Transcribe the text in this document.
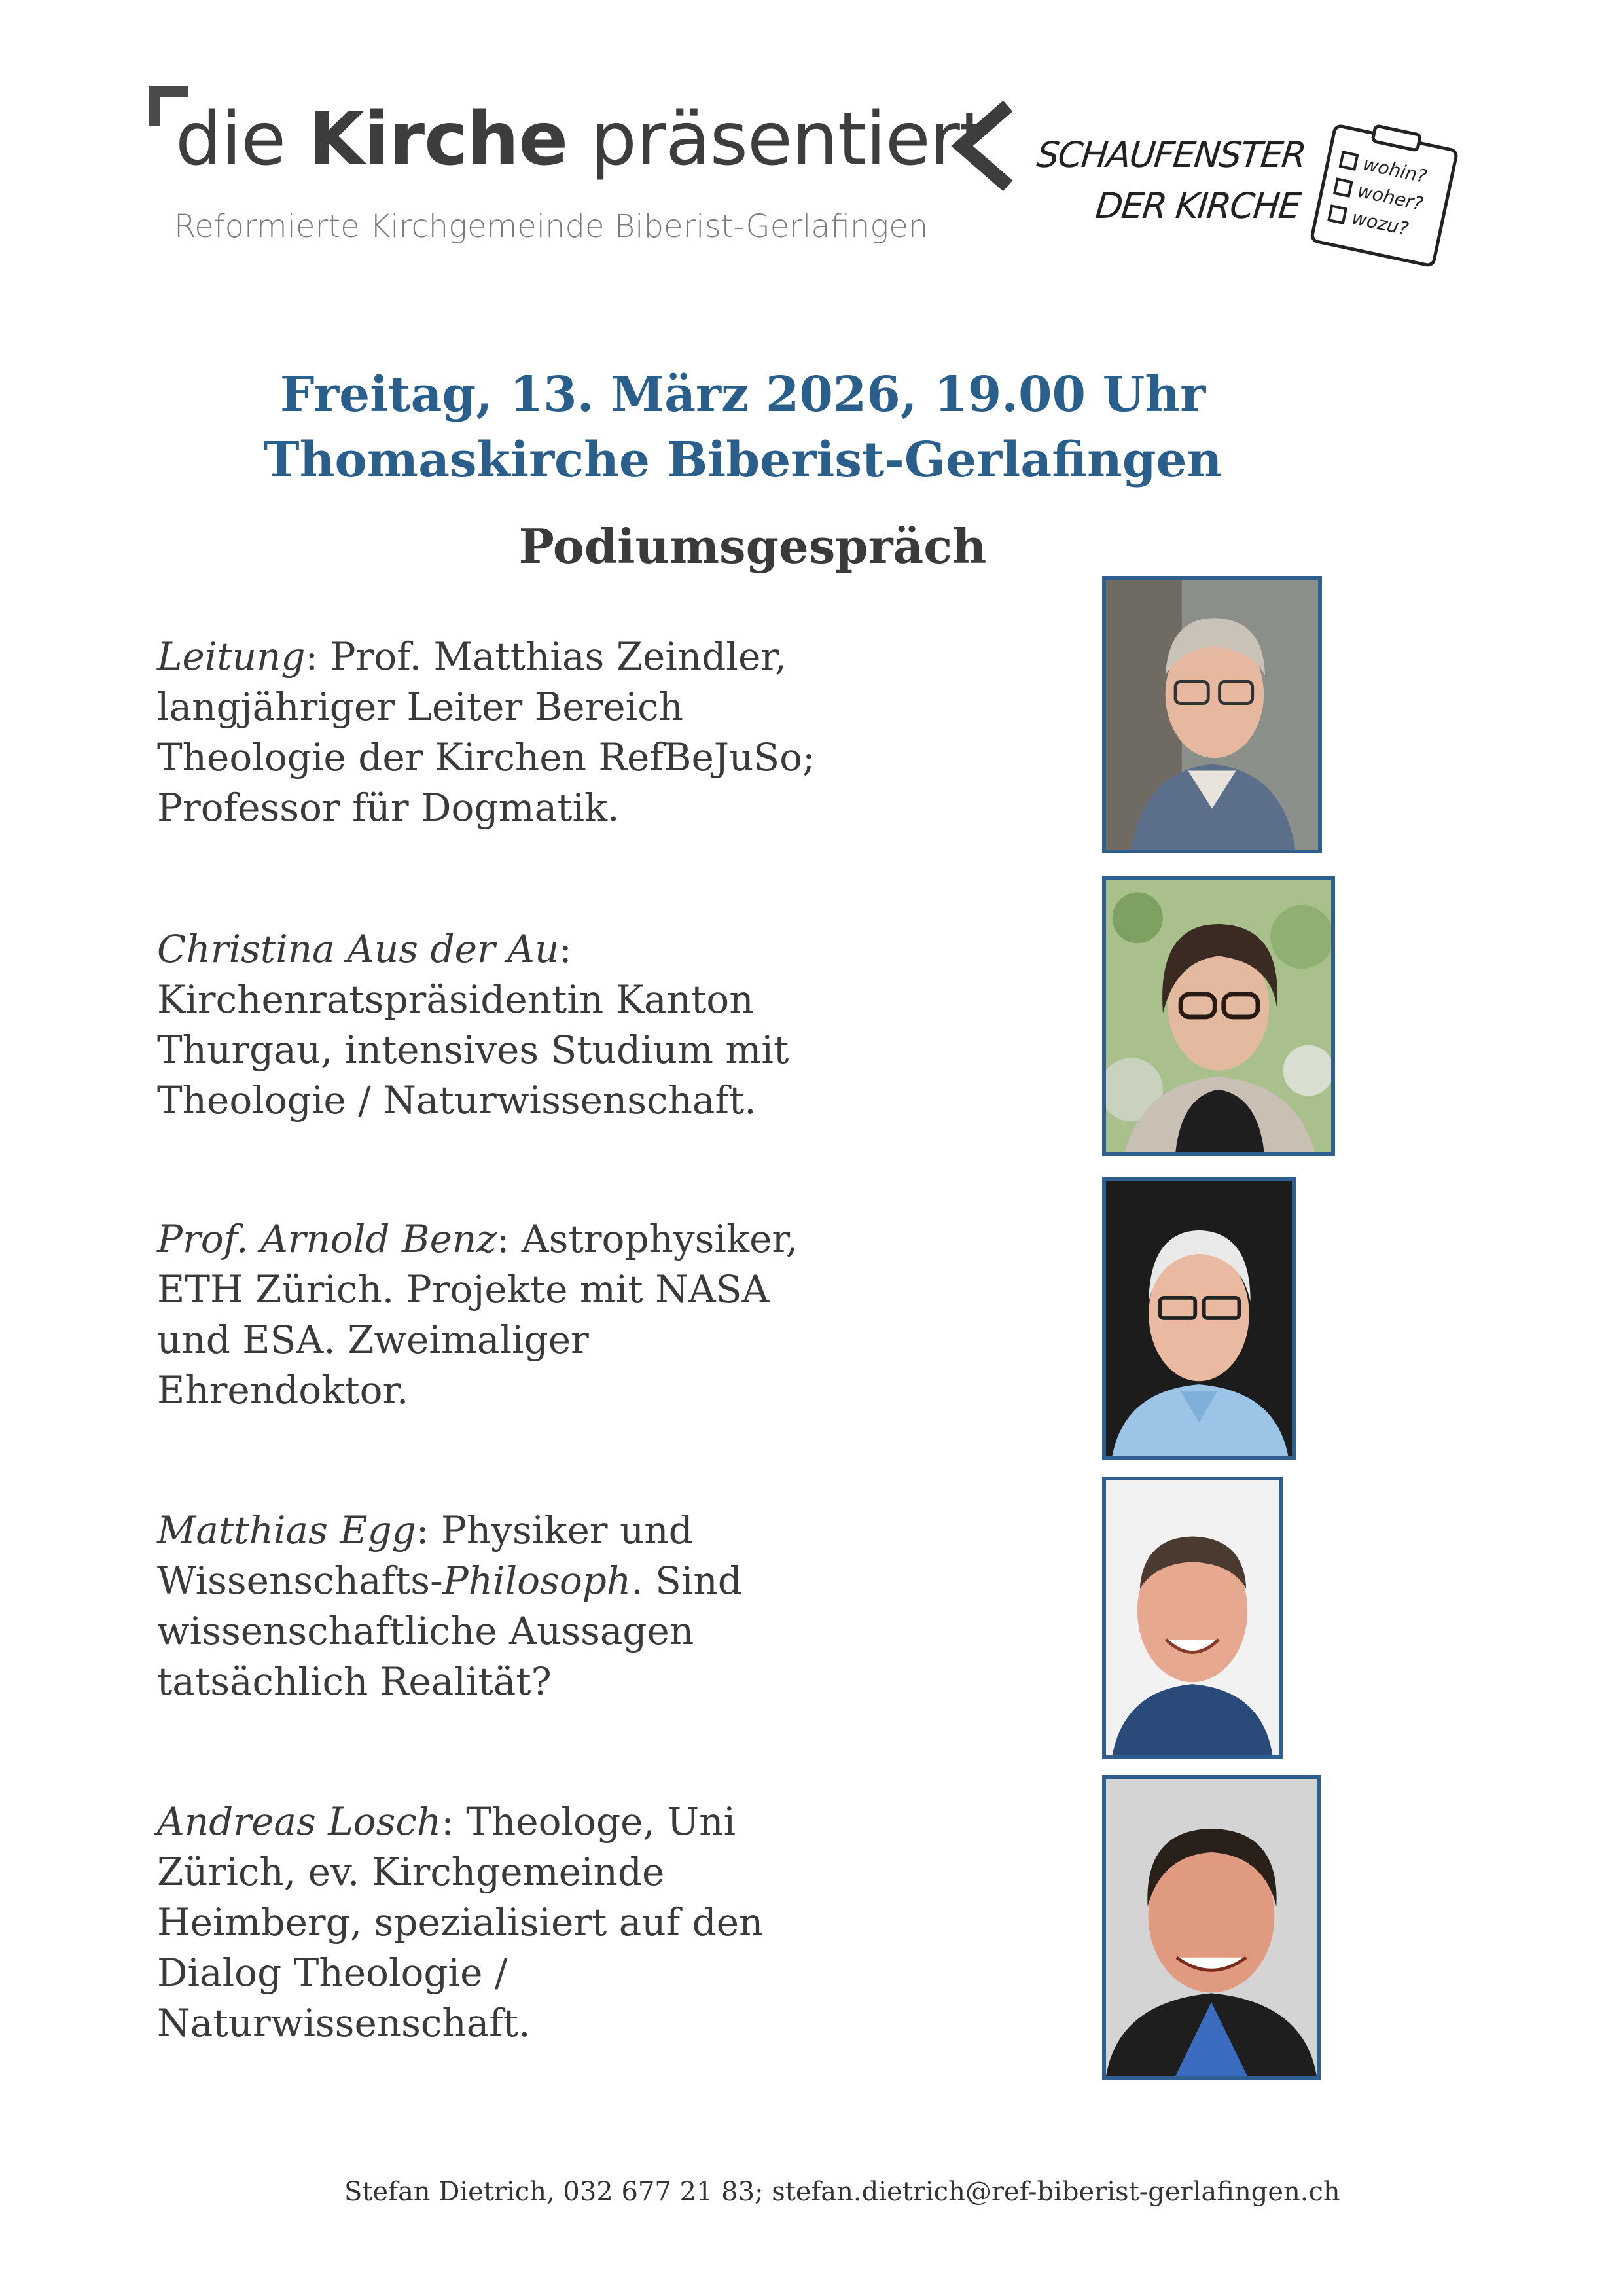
die Kirche präsentiert
Reformierte Kirchgemeinde Biberist-Gerlafingen
SCHAUFENSTER
DER KIRCHE
wohin?
woher?
wozu?
Freitag, 13. März 2026, 19.00 Uhr
Thomaskirche Biberist-Gerlafingen
Podiumsgespräch
Leitung: Prof. Matthias Zeindler,
langjähriger Leiter Bereich
Theologie der Kirchen RefBeJuSo;
Professor für Dogmatik.
Christina Aus der Au:
Kirchenratspräsidentin Kanton
Thurgau, intensives Studium mit
Theologie / Naturwissenschaft.
Prof. Arnold Benz: Astrophysiker,
ETH Zürich. Projekte mit NASA
und ESA. Zweimaliger
Ehrendoktor.
Matthias Egg: Physiker und
Wissenschafts-Philosoph. Sind
wissenschaftliche Aussagen
tatsächlich Realität?
Andreas Losch: Theologe, Uni
Zürich, ev. Kirchgemeinde
Heimberg, spezialisiert auf den
Dialog Theologie /
Naturwissenschaft.
Stefan Dietrich, 032 677 21 83; stefan.dietrich@ref-biberist-gerlafingen.ch
